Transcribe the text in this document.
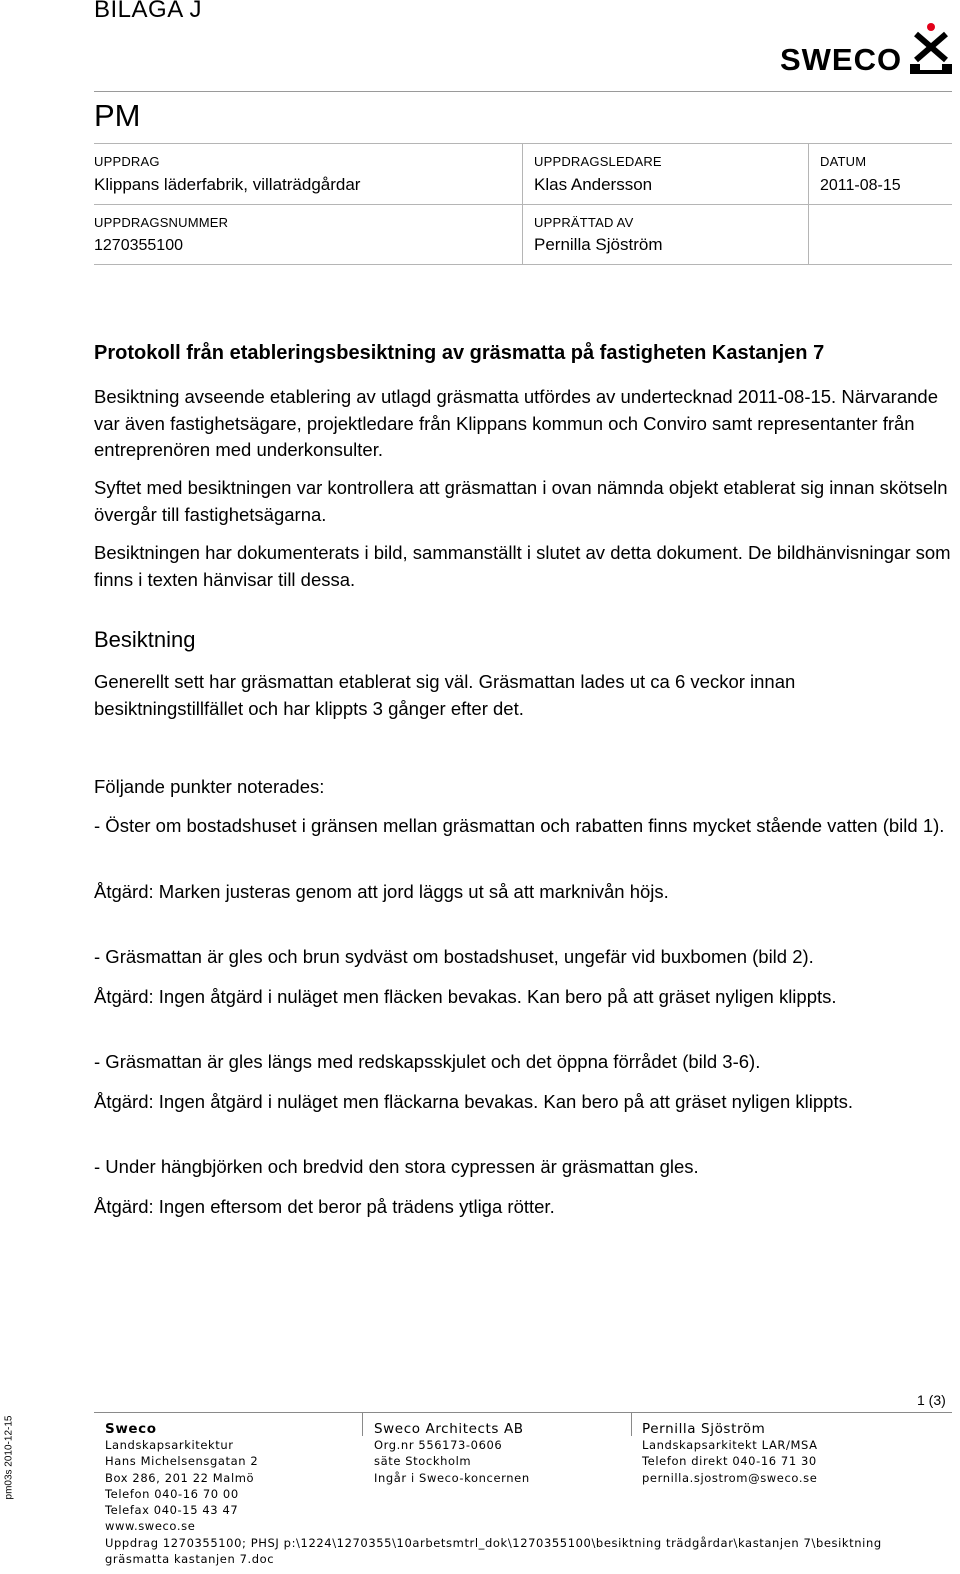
BILAGA J
SWECO
PM
UPPDRAG
Klippans läderfabrik, villaträdgårdar
UPPDRAGSLEDARE
Klas Andersson
DATUM
2011-08-15
UPPDRAGSNUMMER
1270355100
UPPRÄTTAD AV
Pernilla Sjöström
Protokoll från etableringsbesiktning av gräsmatta på fastigheten Kastanjen 7
Besiktning avseende etablering av utlagd gräsmatta utfördes av undertecknad 2011-08-15. Närvarande var även fastighetsägare, projektledare från Klippans kommun och Conviro samt representanter från entreprenören med underkonsulter.
Syftet med besiktningen var kontrollera att gräsmattan i ovan nämnda objekt etablerat sig innan skötseln övergår till fastighetsägarna.
Besiktningen har dokumenterats i bild, sammanställt i slutet av detta dokument. De bildhänvisningar som finns i texten hänvisar till dessa.
Besiktning
Generellt sett har gräsmattan etablerat sig väl. Gräsmattan lades ut ca 6 veckor innan besiktningstillfället och har klippts 3 gånger efter det.
Följande punkter noterades:
- Öster om bostadshuset i gränsen mellan gräsmattan och rabatten finns mycket stående vatten (bild 1).
Åtgärd: Marken justeras genom att jord läggs ut så att marknivån höjs.
- Gräsmattan är gles och brun sydväst om bostadshuset, ungefär vid buxbomen (bild 2).
Åtgärd: Ingen åtgärd i nuläget men fläcken bevakas. Kan bero på att gräset nyligen klippts.
- Gräsmattan är gles längs med redskapsskjulet och det öppna förrådet (bild 3-6).
Åtgärd: Ingen åtgärd i nuläget men fläckarna bevakas. Kan bero på att gräset nyligen klippts.
- Under hängbjörken och bredvid den stora cypressen är gräsmattan gles.
Åtgärd: Ingen eftersom det beror på trädens ytliga rötter.
pm03s 2010-12-15
1 (3)
Sweco
Landskapsarkitektur
Hans Michelsensgatan 2
Box 286, 201 22 Malmö
Telefon 040-16 70 00
Telefax 040-15 43 47
www.sweco.se
Sweco Architects AB
Org.nr 556173-0606
säte Stockholm
Ingår i Sweco-koncernen
Pernilla Sjöström
Landskapsarkitekt LAR/MSA
Telefon direkt 040-16 71 30
pernilla.sjostrom@sweco.se
Uppdrag 1270355100; PHSJ p:\1224\1270355\10arbetsmtrl_dok\1270355100\besiktning trädgårdar\kastanjen 7\besiktning gräsmatta kastanjen 7.doc
